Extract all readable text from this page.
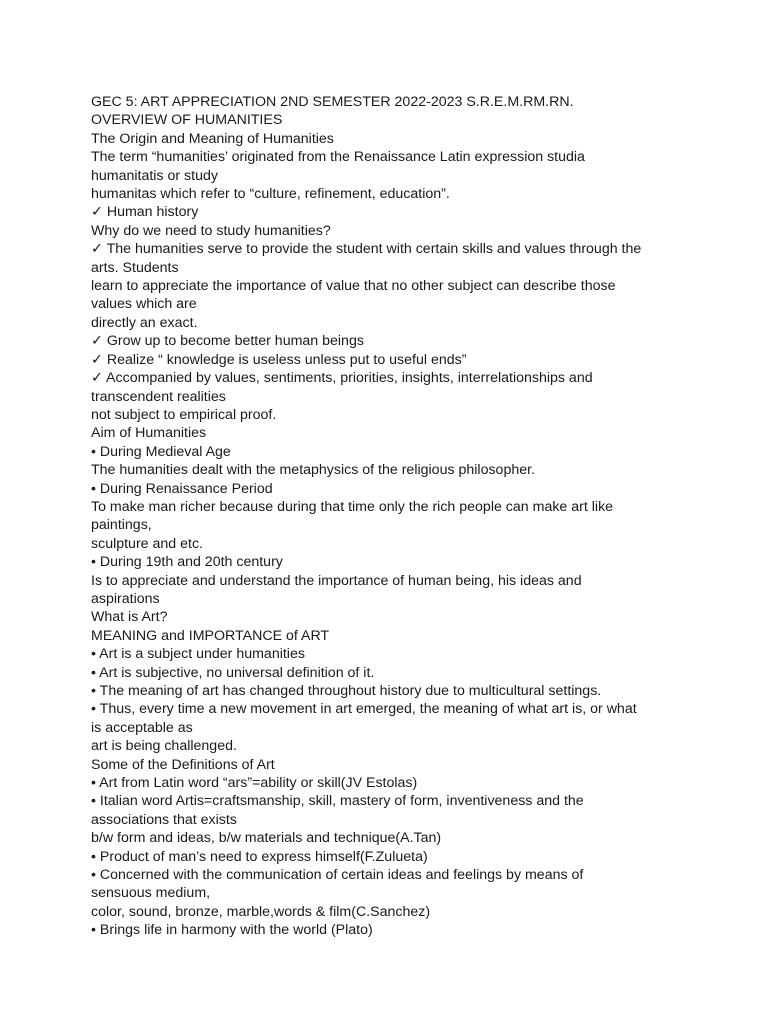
GEC 5: ART APPRECIATION 2ND SEMESTER 2022-2023 S.R.E.M.RM.RN.
OVERVIEW OF HUMANITIES
The Origin and Meaning of Humanities
The term “humanities’ originated from the Renaissance Latin expression studia
humanitatis or study
humanitas which refer to “culture, refinement, education”.
✓ Human history
Why do we need to study humanities?
✓ The humanities serve to provide the student with certain skills and values through the
arts. Students
learn to appreciate the importance of value that no other subject can describe those
values which are
directly an exact.
✓ Grow up to become better human beings
✓ Realize “ knowledge is useless unless put to useful ends”
✓ Accompanied by values, sentiments, priorities, insights, interrelationships and
transcendent realities
not subject to empirical proof.
Aim of Humanities
• During Medieval Age
The humanities dealt with the metaphysics of the religious philosopher.
• During Renaissance Period
To make man richer because during that time only the rich people can make art like
paintings,
sculpture and etc.
• During 19th and 20th century
Is to appreciate and understand the importance of human being, his ideas and
aspirations
What is Art?
MEANING and IMPORTANCE of ART
• Art is a subject under humanities
• Art is subjective, no universal definition of it.
• The meaning of art has changed throughout history due to multicultural settings.
• Thus, every time a new movement in art emerged, the meaning of what art is, or what
is acceptable as
art is being challenged.
Some of the Definitions of Art
• Art from Latin word “ars”=ability or skill(JV Estolas)
• Italian word Artis=craftsmanship, skill, mastery of form, inventiveness and the
associations that exists
b/w form and ideas, b/w materials and technique(A.Tan)
• Product of man’s need to express himself(F.Zulueta)
• Concerned with the communication of certain ideas and feelings by means of
sensuous medium,
color, sound, bronze, marble,words & film(C.Sanchez)
• Brings life in harmony with the world (Plato)
